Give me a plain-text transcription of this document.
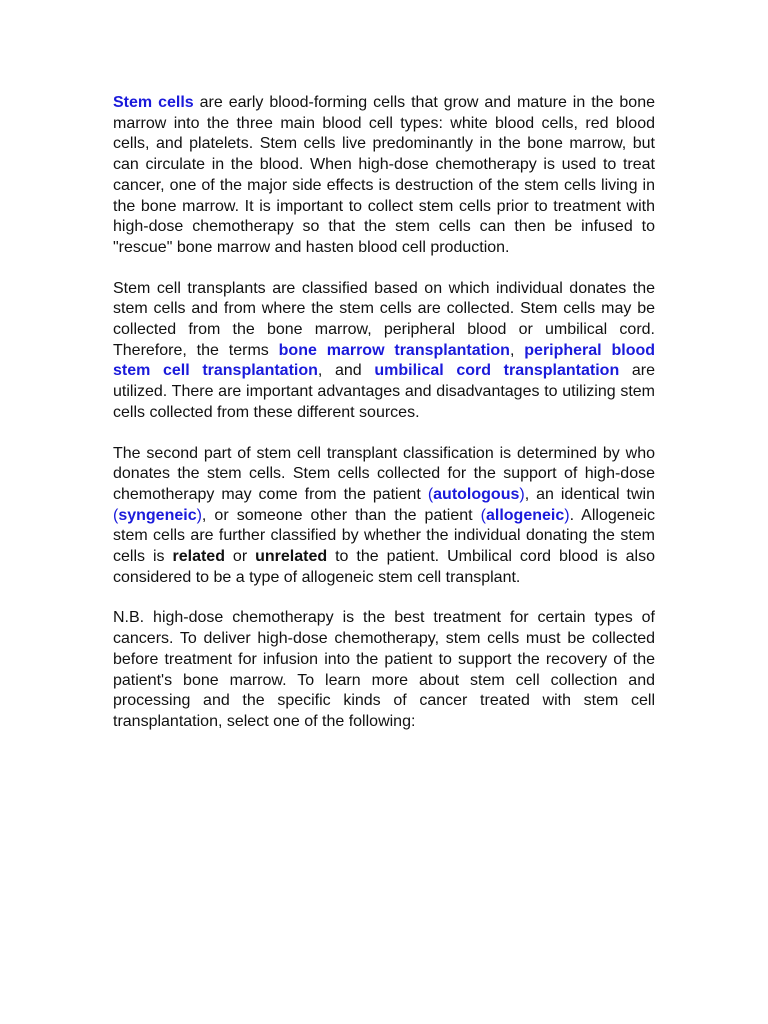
Stem cells are early blood-forming cells that grow and mature in the bone marrow into the three main blood cell types: white blood cells, red blood cells, and platelets. Stem cells live predominantly in the bone marrow, but can circulate in the blood. When high-dose chemotherapy is used to treat cancer, one of the major side effects is destruction of the stem cells living in the bone marrow. It is important to collect stem cells prior to treatment with high-dose chemotherapy so that the stem cells can then be infused to "rescue" bone marrow and hasten blood cell production.

Stem cell transplants are classified based on which individual donates the stem cells and from where the stem cells are collected. Stem cells may be collected from the bone marrow, peripheral blood or umbilical cord. Therefore, the terms bone marrow transplantation, peripheral blood stem cell transplantation, and umbilical cord transplantation are utilized. There are important advantages and disadvantages to utilizing stem cells collected from these different sources.

The second part of stem cell transplant classification is determined by who donates the stem cells. Stem cells collected for the support of high-dose chemotherapy may come from the patient (autologous), an identical twin (syngeneic), or someone other than the patient (allogeneic). Allogeneic stem cells are further classified by whether the individual donating the stem cells is related or unrelated to the patient. Umbilical cord blood is also considered to be a type of allogeneic stem cell transplant.

N.B. high-dose chemotherapy is the best treatment for certain types of cancers. To deliver high-dose chemotherapy, stem cells must be collected before treatment for infusion into the patient to support the recovery of the patient's bone marrow. To learn more about stem cell collection and processing and the specific kinds of cancer treated with stem cell transplantation, select one of the following:
